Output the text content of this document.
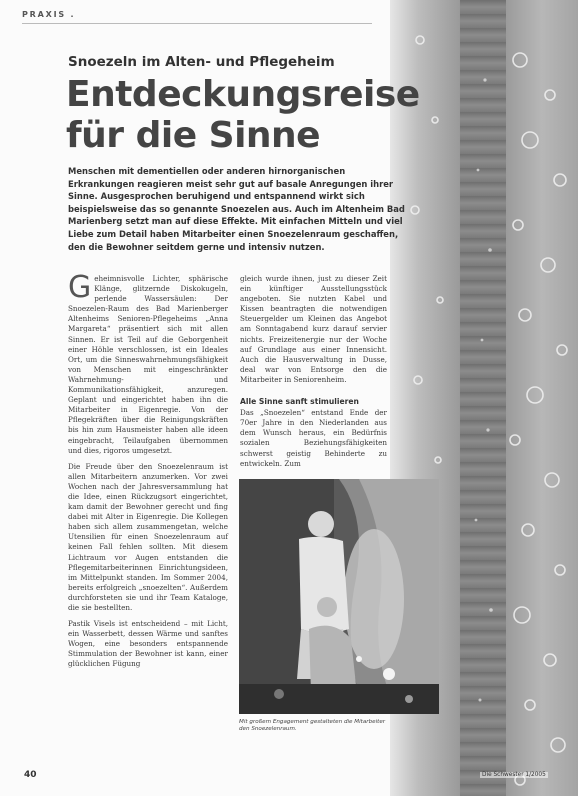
PRAXIS .
Snoezeln im Alten- und Pflegeheim
Entdeckungsreise
für die Sinne
Menschen mit dementiellen oder anderen hirnorganischen Erkrankungen reagieren meist sehr gut auf basale Anregungen ihrer Sinne. Ausgesprochen beruhigend und entspannend wirkt sich beispielsweise das so genannte Snoezelen aus. Auch im Altenheim Bad Marienberg setzt man auf diese Effekte. Mit einfachen Mitteln und viel Liebe zum Detail haben Mitarbeiter einen Snoezelenraum geschaffen, den die Bewohner seitdem gerne und intensiv nutzen.

Geheimnisvolle Lichter, sphärische Klänge, glitzernde Diskokugeln, perlende Wassersäulen: Der Snoezelen-Raum des Bad Marienberger Altenheims Senioren-Pflegeheims „Anna Margareta“ präsentiert sich mit allen Sinnen. Er ist Teil auf die Geborgenheit einer Höhle verschlossen, ist ein Ideales Ort, um die Sinneswahrnehmungsfähigkeit von Menschen mit eingeschränkter Wahrnehmung- und Kommunikationsfähigkeit, anzuregen. Geplant und eingerichtet haben ihn die Mitarbeiter in Eigenregie. Von der Pflegekräften über die Reinigungskräften bis hin zum Hausmeister haben alle ideen eingebracht, Teilaufgaben übernommen und dies, rigoros umgesetzt.

Die Freude über den Snoezelenraum ist allen Mitarbeitern anzumerken. Vor zwei Wochen nach der Jahresversammlung hat die Idee, einen Rückzugsort eingerichtet, kam damit der Bewohner gerecht und fing dabei mit Alter in Eigenregie. Die Kollegen haben sich allem zusammengetan, welche Utensilien für einen Snoezelenraum auf keinen Fall fehlen sollten. Mit diesem Lichtraum vor Augen entstanden die Pflegemitarbeiterinnen Einrichtungsideen, im Mittelpunkt standen. Im Sommer 2004, bereits erfolgreich „snoezelten“. Außerdem durchforsteten sie und ihr Team Kataloge, die sie bestellten.

Pastik Visels ist entscheidend – mit Licht, ein Wasserbett, dessen Wärme und sanftes Wogen, eine besonders entspannende Stimmulation der Bewohner ist kann, einer glücklichen Fügung

gleich wurde ihnen, just zu dieser Zeit ein künftiger Ausstellungsstück angeboten. Sie nutzten Kabel und Kissen beantragten die notwendigen Steuergelder um Kleinen das Angebot am Sonntagabend kurz darauf servier nichts. Freizeitenergie nur der Woche auf Grundlage aus einer Innensicht. Auch die Hausverwaltung in Dusse, deal war von Entsorge den die Mitarbeiter in Seniorenheim.

Alle Sinne sanft stimulieren

Das „Snoezelen“ entstand Ende der 70er Jahre in den Niederlanden aus dem Wunsch heraus, ein Bedürfnis sozialen Beziehungsfähigkeiten schwerst geistig Behinderte zu entwickeln. Zum

Mit großem Engagement gestalteten die Mitarbeiter den Snoezelenraum.
40	Die Schwester 1/2005
